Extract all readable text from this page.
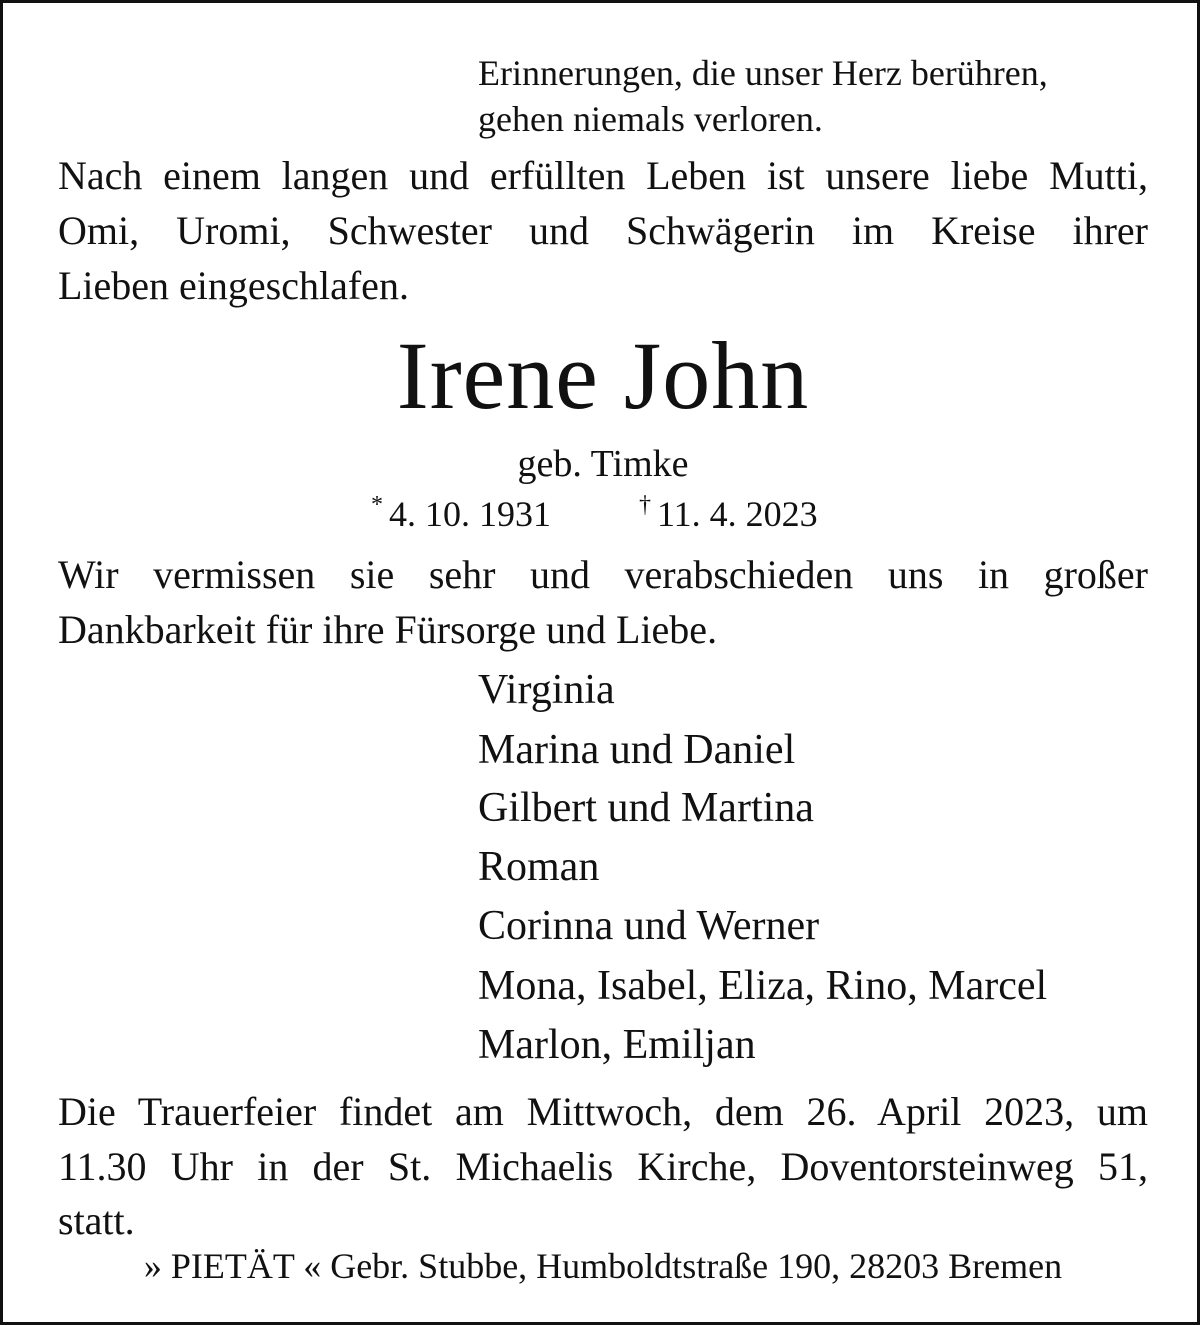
Erinnerungen, die unser Herz berühren,
gehen niemals verloren.
Nach einem langen und erfüllten Leben ist unsere liebe Mutti,
Omi, Uromi, Schwester und Schwägerin im Kreise ihrer
Lieben eingeschlafen.
Irene John
geb. Timke
* 4. 10. 1931	† 11. 4. 2023
Wir vermissen sie sehr und verabschieden uns in großer
Dankbarkeit für ihre Fürsorge und Liebe.
Virginia
Marina und Daniel
Gilbert und Martina
Roman
Corinna und Werner
Mona, Isabel, Eliza, Rino, Marcel
Marlon, Emiljan
Die Trauerfeier findet am Mittwoch, dem 26. April 2023, um
11.30 Uhr in der St. Michaelis Kirche, Doventorsteinweg 51,
statt.
» PIETÄT « Gebr. Stubbe, Humboldtstraße 190, 28203 Bremen
